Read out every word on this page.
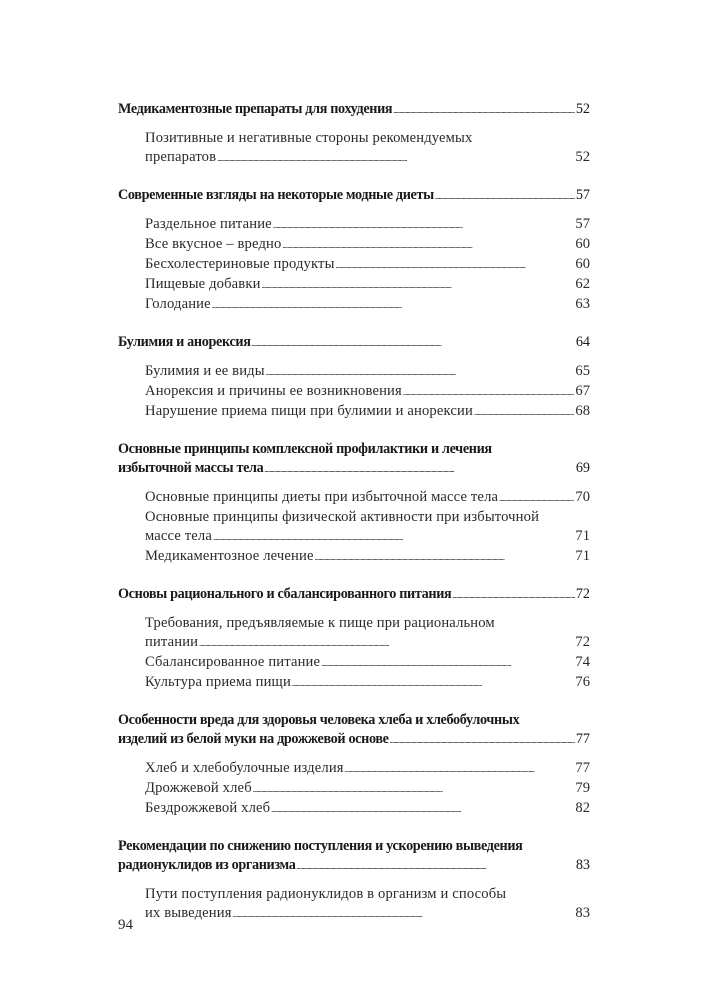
Медикаментозные препараты для похудения . . .	52
Позитивные и негативные стороны рекомендуемых
препаратов . . .	52
Современные взгляды на некоторые модные диеты . . .	57
Раздельное питание . . .	57
Все вкусное – вредно . . .	60
Бесхолестериновые продукты . . .	60
Пищевые добавки . . .	62
Голодание . . .	63
Булимия и анорексия . . .	64
Булимия и ее виды . . .	65
Анорексия и причины ее возникновения . . .	67
Нарушение приема пищи при булимии и анорексии . . .	68
Основные принципы комплексной профилактики и лечения
избыточной массы тела . . .	69
Основные принципы диеты при избыточной массе тела . . .	70
Основные принципы физической активности при избыточной
массе тела . . .	71
Медикаментозное лечение . . .	71
Основы рационального и сбалансированного питания . . .	72
Требования, предъявляемые к пище при рациональном
питании . . .	72
Сбалансированное питание . . .	74
Культура приема пищи . . .	76
Особенности вреда для здоровья человека хлеба и хлебобулочных
изделий из белой муки на дрожжевой основе . . .	77
Хлеб и хлебобулочные изделия . . .	77
Дрожжевой хлеб . . .	79
Бездрожжевой хлеб . . .	82
Рекомендации по снижению поступления и ускорению выведения
радионуклидов из организма . . .	83
Пути поступления радионуклидов в организм и способы
их выведения . . .	83
94
